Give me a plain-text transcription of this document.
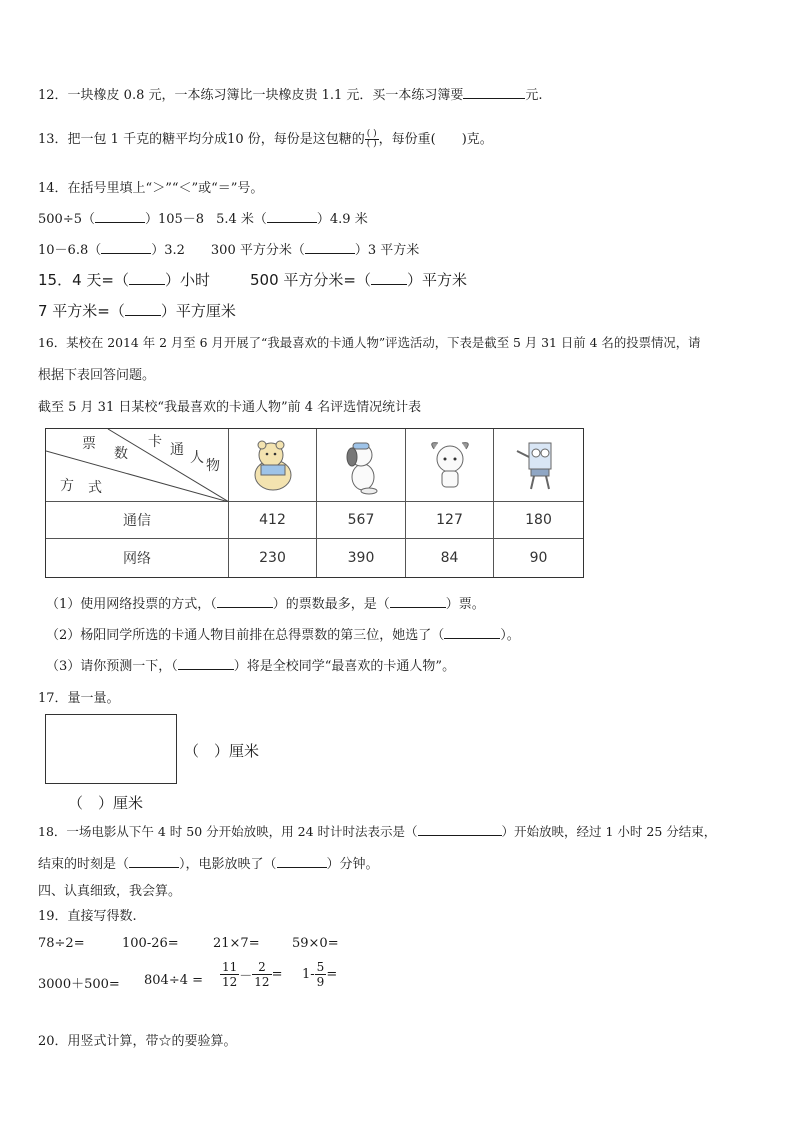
12．一块橡皮 0.8 元，一本练习簿比一块橡皮贵 1.1 元．买一本练习簿要	元.
13．把一包 1 千克的糖平均分成10 份，每份是这包糖的 $\frac{( )}{( )}$ ，每份重(　　)克。
14．在括号里填上“＞”“＜”或“＝”号。
500÷5（	）105－8 5.4 米（	）4.9 米
10－6.8（	）3.2 300 平方分米（	）3 平方米
15．4 天=（ ）小时	500 平方分米=（ ）平方米
7 平方米=（ ）平方厘米
16．某校在 2014 年 2 月至 6 月开展了“我最喜欢的卡通人物”评选活动，下表是截至 5 月 31 日前 4 名的投票情况，请
根据下表回答问题。
截至 5 月 31 日某校“我最喜欢的卡通人物”前 4 名评选情况统计表
票
数
卡 通 人 物
方 式
通信	412	567	127	180
网络	230	390	84	90
（1）使用网络投票的方式，（	）的票数最多，是（	）票。
（2）杨阳同学所选的卡通人物目前排在总得票数的第三位，她选了（	）。
（3）请你预测一下，（	）将是全校同学“最喜欢的卡通人物”。
17．量一量。
（　）厘米
（　）厘米
18．一场电影从下午 4 时 50 分开始放映，用 24 时计时法表示是（	）开始放映，经过 1 小时 25 分结束，
结束的时刻是（	），电影放映了（	）分钟。
四、认真细致，我会算。
19．直接写得数.
78÷2=	100-26=	21×7= 59×0=
$3000+500= 804\div 4 = \frac{11}{12} - \frac{2}{12} = 1- \frac{5}{9}$ =
20．用竖式计算，带☆的要验算。
